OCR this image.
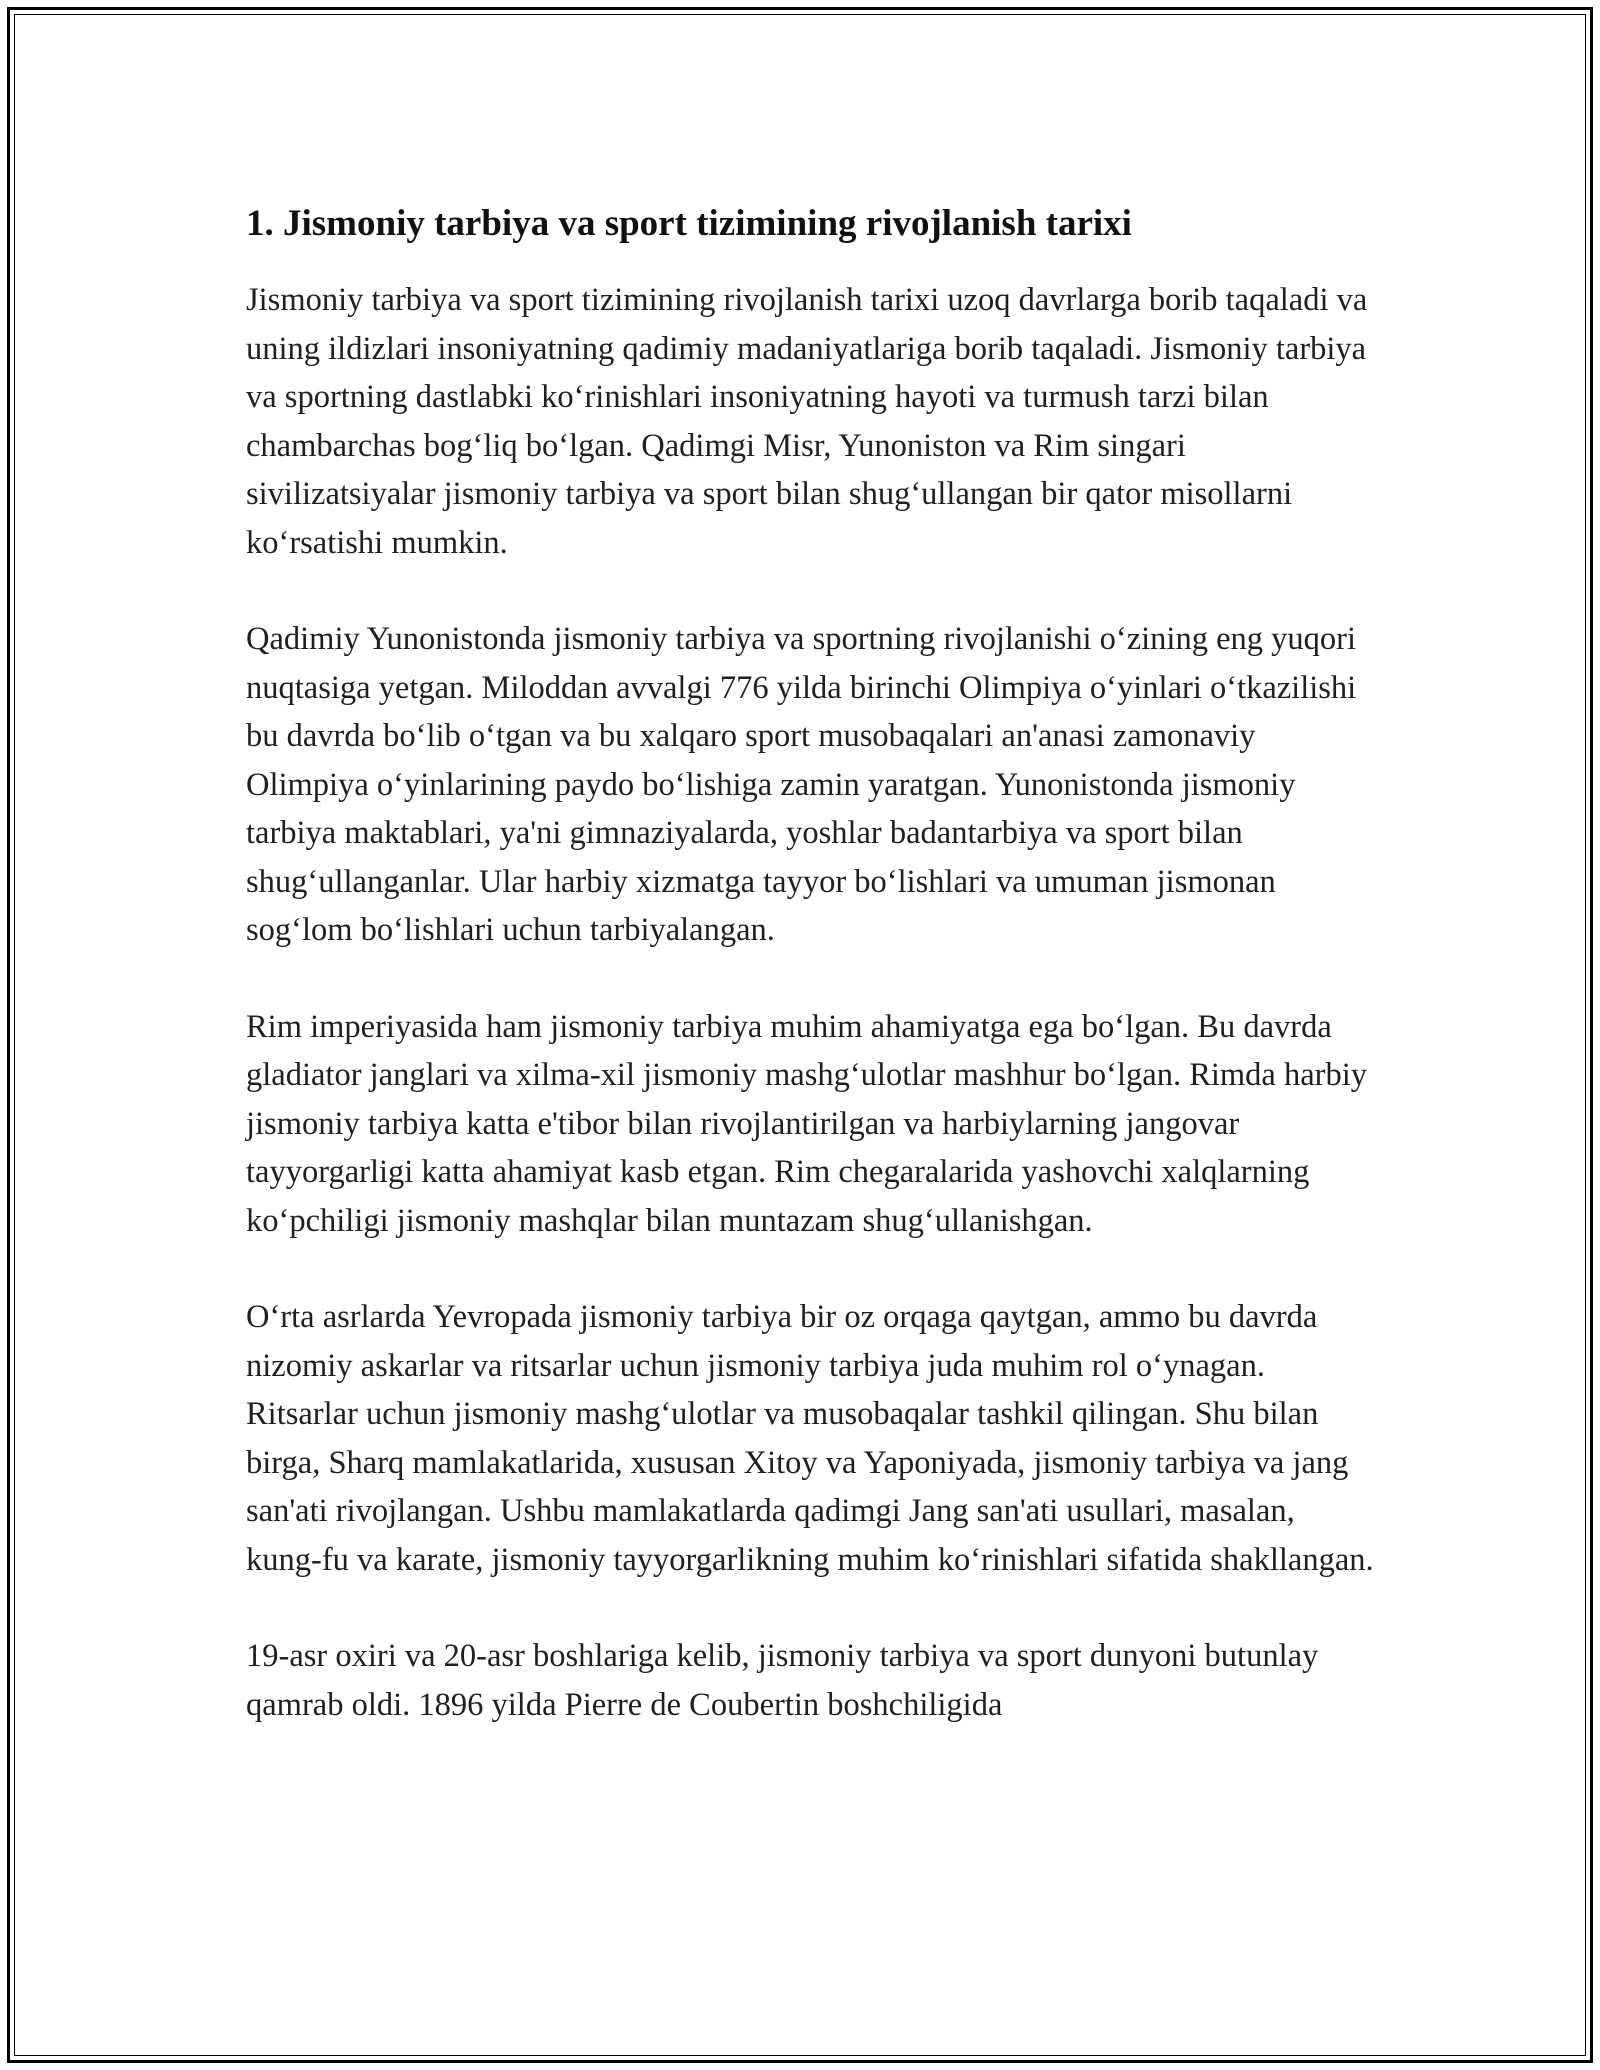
1. Jismoniy tarbiya va sport tizimining rivojlanish tarixi

Jismoniy tarbiya va sport tizimining rivojlanish tarixi uzoq davrlarga borib taqaladi va uning ildizlari insoniyatning qadimiy madaniyatlariga borib taqaladi. Jismoniy tarbiya va sportning dastlabki koʻrinishlari insoniyatning hayoti va turmush tarzi bilan chambarchas bogʻliq boʻlgan. Qadimgi Misr, Yunoniston va Rim singari sivilizatsiyalar jismoniy tarbiya va sport bilan shugʻullangan bir qator misollarni koʻrsatishi mumkin.

Qadimiy Yunonistonda jismoniy tarbiya va sportning rivojlanishi oʻzining eng yuqori nuqtasiga yetgan. Miloddan avvalgi 776 yilda birinchi Olimpiya oʻyinlari oʻtkazilishi bu davrda boʻlib oʻtgan va bu xalqaro sport musobaqalari an'anasi zamonaviy Olimpiya oʻyinlarining paydo boʻlishiga zamin yaratgan. Yunonistonda jismoniy tarbiya maktablari, ya'ni gimnaziyalarda, yoshlar badantarbiya va sport bilan shugʻullanganlar. Ular harbiy xizmatga tayyor boʻlishlari va umuman jismonan sogʻlom boʻlishlari uchun tarbiyalangan.

Rim imperiyasida ham jismoniy tarbiya muhim ahamiyatga ega boʻlgan. Bu davrda gladiator janglari va xilma-xil jismoniy mashgʻulotlar mashhur boʻlgan. Rimda harbiy jismoniy tarbiya katta e'tibor bilan rivojlantirilgan va harbiylarning jangovar tayyorgarligi katta ahamiyat kasb etgan. Rim chegaralarida yashovchi xalqlarning koʻpchiligi jismoniy mashqlar bilan muntazam shugʻullanishgan.

Oʻrta asrlarda Yevropada jismoniy tarbiya bir oz orqaga qaytgan, ammo bu davrda nizomiy askarlar va ritsarlar uchun jismoniy tarbiya juda muhim rol oʻynagan. Ritsarlar uchun jismoniy mashgʻulotlar va musobaqalar tashkil qilingan. Shu bilan birga, Sharq mamlakatlarida, xususan Xitoy va Yaponiyada, jismoniy tarbiya va jang san'ati rivojlangan. Ushbu mamlakatlarda qadimgi Jang san'ati usullari, masalan, kung-fu va karate, jismoniy tayyorgarlikning muhim koʻrinishlari sifatida shakllangan.

19-asr oxiri va 20-asr boshlariga kelib, jismoniy tarbiya va sport dunyoni butunlay qamrab oldi. 1896 yilda Pierre de Coubertin boshchiligida
